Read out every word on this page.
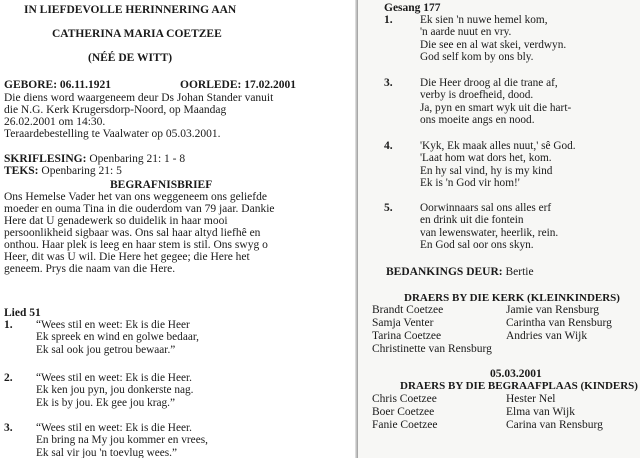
IN LIEFDEVOLLE HERINNERING AAN
CATHERINA MARIA COETZEE
(NÉÉ DE WITT)
GEBORE: 06.11.1921	OORLEDE: 17.02.2001
Die diens word waargeneem deur Ds Johan Stander vanuit
die N.G. Kerk Krugersdorp-Noord, op Maandag
26.02.2001 om 14:30.
Teraardebestelling te Vaalwater op 05.03.2001.
SKRIFLESING: Openbaring 21: 1 - 8
TEKS: Openbaring 21: 5
BEGRAFNISBRIEF
Ons Hemelse Vader het van ons weggeneem ons geliefde
moeder en ouma Tina in die ouderdom van 79 jaar. Dankie
Here dat U genadewerk so duidelik in haar mooi
persoonlikheid sigbaar was. Ons sal haar altyd liefhê en
onthou. Haar plek is leeg en haar stem is stil. Ons swyg o
Heer, dit was U wil. Die Here het gegee; die Here het
geneem. Prys die naam van die Here.
Lied 51
1. “Wees stil en weet: Ek is die Heer
Ek spreek en wind en golwe bedaar,
Ek sal ook jou getrou bewaar.”
2. “Wees stil en weet: Ek is die Heer.
Ek ken jou pyn, jou donkerste nag.
Ek is by jou. Ek gee jou krag.”
3. “Wees stil en weet: Ek is die Heer.
En bring na My jou kommer en vrees,
Ek sal vir jou 'n toevlug wees.”
Gesang 177
1. Ek sien 'n nuwe hemel kom,
'n aarde nuut en vry.
Die see en al wat skei, verdwyn.
God self kom by ons bly.
3. Die Heer droog al die trane af,
verby is droefheid, dood.
Ja, pyn en smart wyk uit die hart-
ons moeite angs en nood.
4. 'Kyk, Ek maak alles nuut,' sê God.
'Laat hom wat dors het, kom.
En hy sal vind, hy is my kind
Ek is 'n God vir hom!'
5. Oorwinnaars sal ons alles erf
en drink uit die fontein
van lewenswater, heerlik, rein.
En God sal oor ons skyn.
BEDANKINGS DEUR: Bertie
DRAERS BY DIE KERK (KLEINKINDERS)
Brandt Coetzee	Jamie van Rensburg
Samja Venter	Carintha van Rensburg
Tarina Coetzee	Andries van Wijk
Christinette van Rensburg
05.03.2001
DRAERS BY DIE BEGRAAFPLAAS (KINDERS)
Chris Coetzee	Hester Nel
Boer Coetzee	Elma van Wijk
Fanie Coetzee	Carina van Rensburg
